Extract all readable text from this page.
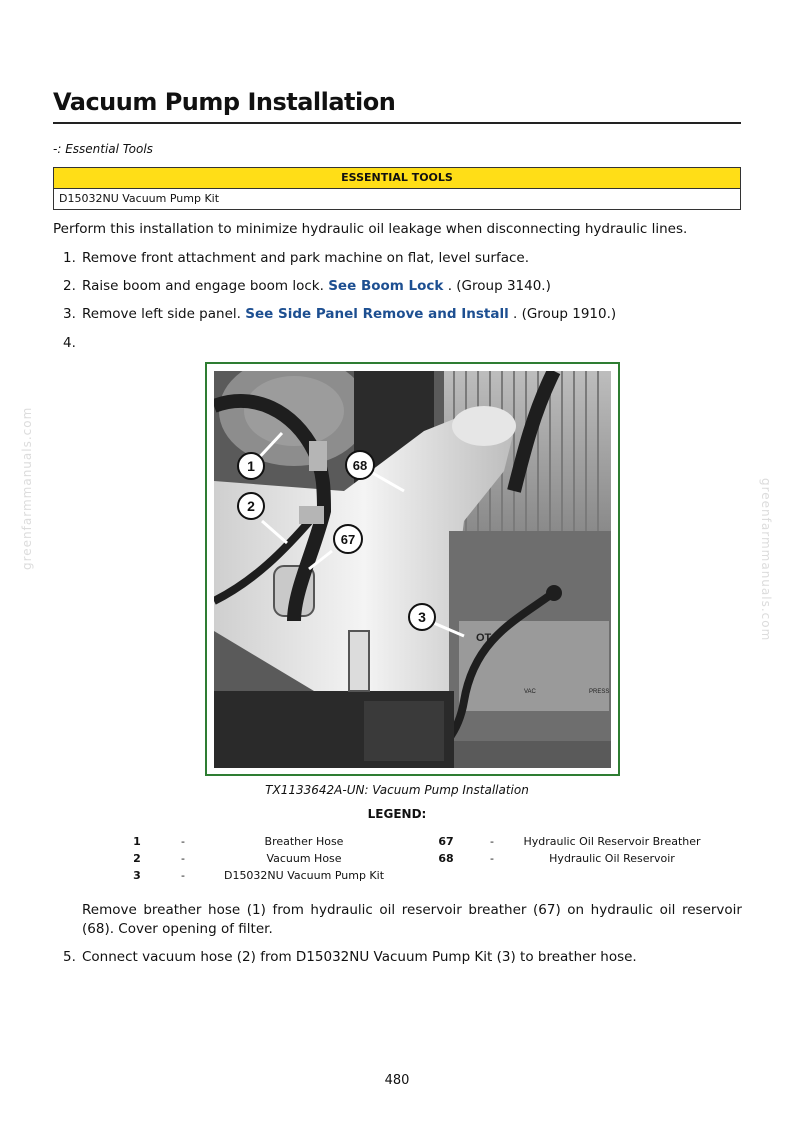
Vacuum Pump Installation
-: Essential Tools
ESSENTIAL TOOLS
D15032NU Vacuum Pump Kit
Perform this installation to minimize hydraulic oil leakage when disconnecting hydraulic lines.
1. Remove front attachment and park machine on flat, level surface.
2. Raise boom and engage boom lock. See Boom Lock . (Group 3140.)
3. Remove left side panel. See Side Panel Remove and Install . (Group 1910.)
4.
OTC
VAC	PRESS
1
2
3
67
68
TX1133642A-UN: Vacuum Pump Installation
LEGEND:
1	-	Breather Hose
2	-	Vacuum Hose
3	-	D15032NU Vacuum Pump Kit
67	-	Hydraulic Oil Reservoir Breather
68	-	Hydraulic Oil Reservoir
Remove breather hose (1) from hydraulic oil reservoir breather (67) on hydraulic oil reservoir (68). Cover opening of filter.
5. Connect vacuum hose (2) from D15032NU Vacuum Pump Kit (3) to breather hose.
480
greenfarmmanuals.com	greenfarmmanuals.com
